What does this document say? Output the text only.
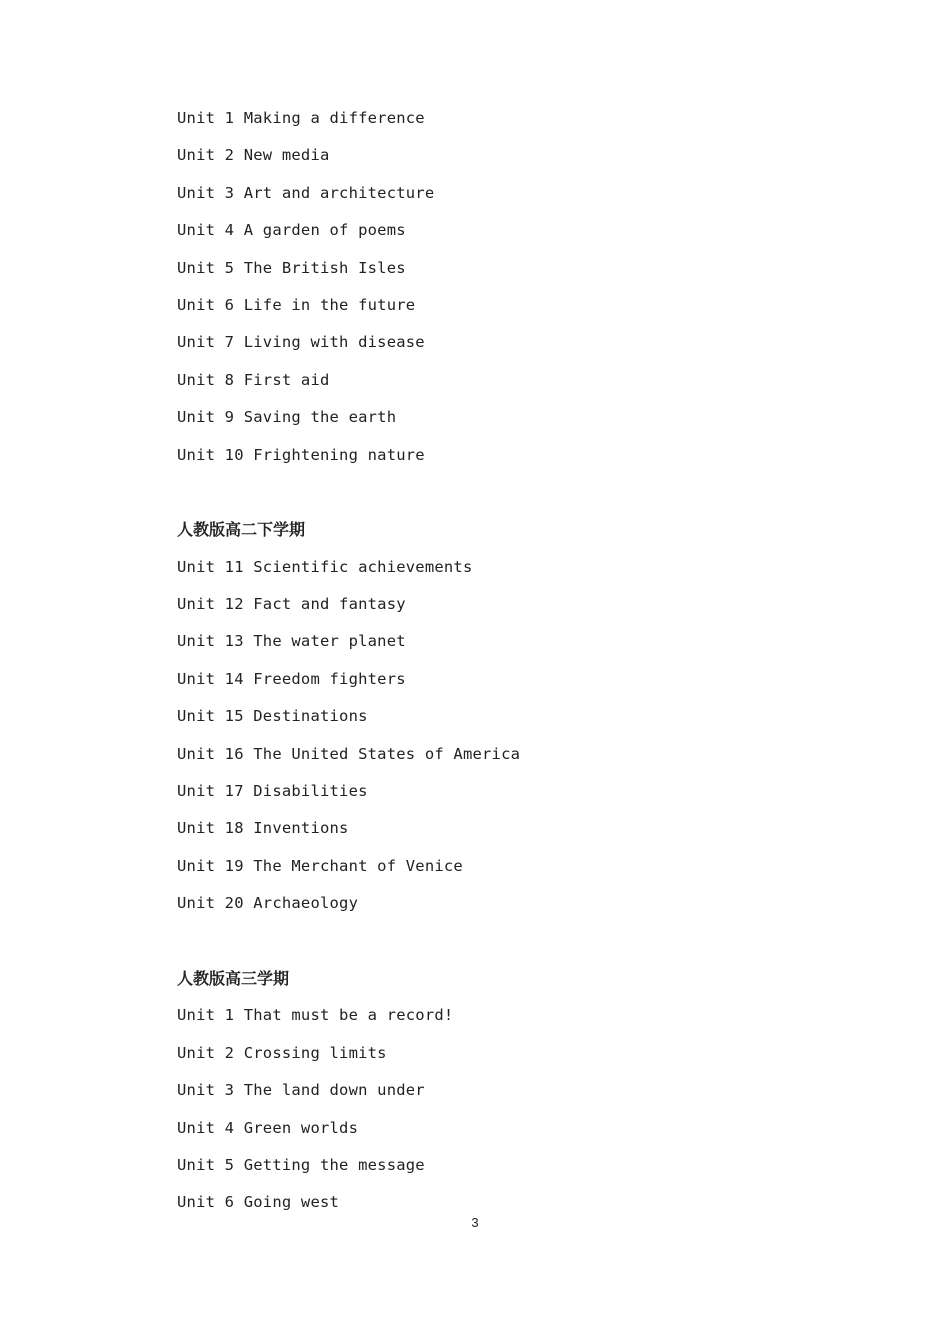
Unit 1 Making a difference
Unit 2 New media
Unit 3 Art and architecture
Unit 4 A garden of poems
Unit 5 The British Isles
Unit 6 Life in the future
Unit 7 Living with disease
Unit 8 First aid
Unit 9 Saving the earth
Unit 10 Frightening nature
人教版高二下学期
Unit 11 Scientific achievements
Unit 12 Fact and fantasy
Unit 13 The water planet
Unit 14 Freedom fighters
Unit 15 Destinations
Unit 16 The United States of America
Unit 17 Disabilities
Unit 18 Inventions
Unit 19 The Merchant of Venice
Unit 20 Archaeology
人教版高三学期
Unit 1 That must be a record!
Unit 2 Crossing limits
Unit 3 The land down under
Unit 4 Green worlds
Unit 5 Getting the message
Unit 6 Going west
3
